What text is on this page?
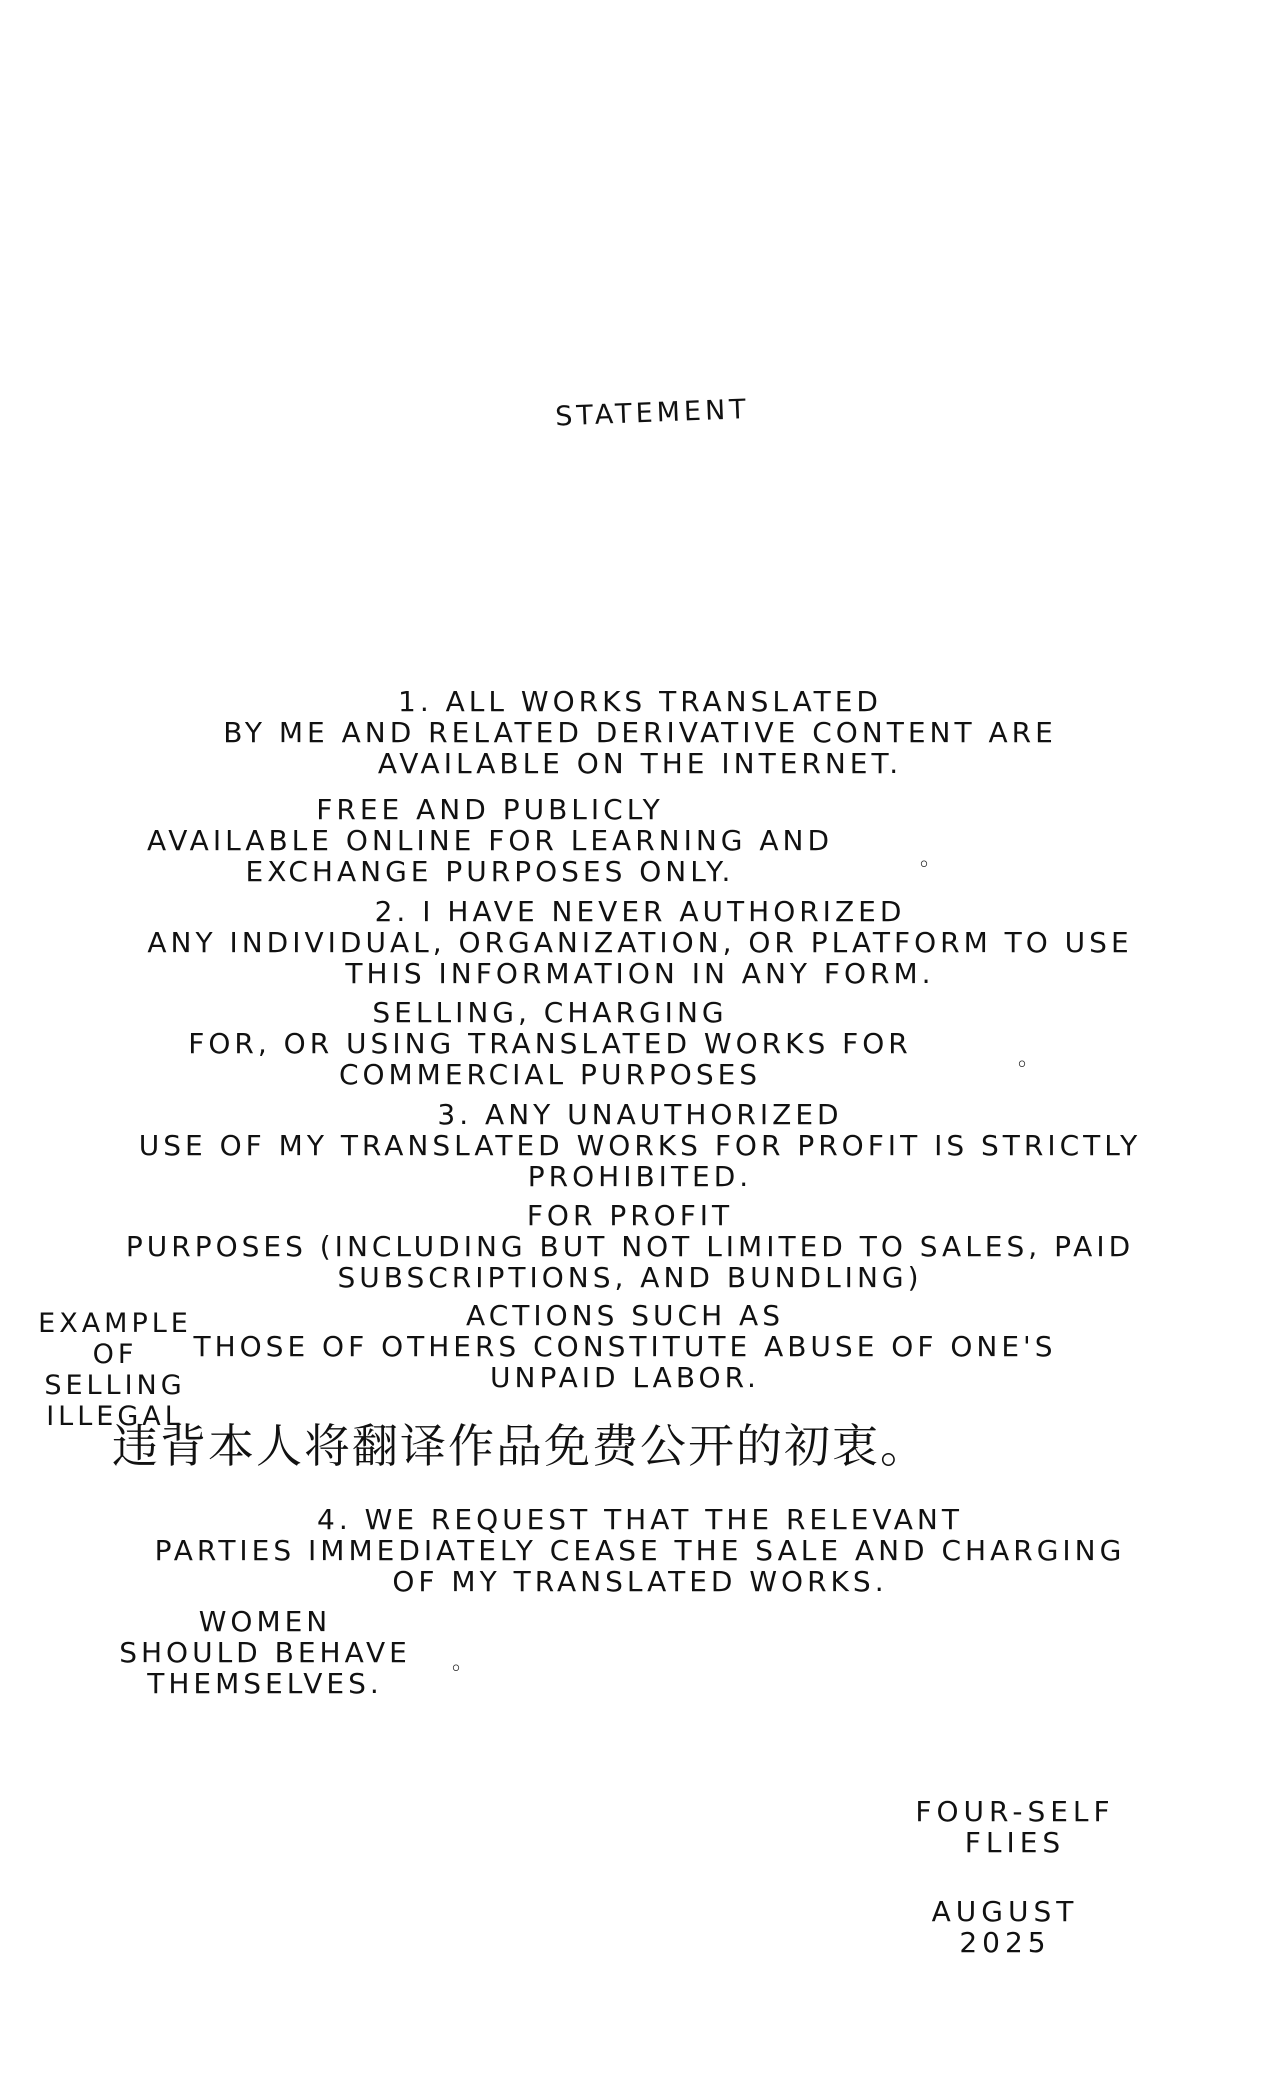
STATEMENT
1. ALL WORKS TRANSLATED
BY ME AND RELATED DERIVATIVE CONTENT ARE
AVAILABLE ON THE INTERNET.
FREE AND PUBLICLY
AVAILABLE ONLINE FOR LEARNING AND
EXCHANGE PURPOSES ONLY.	。
2. I HAVE NEVER AUTHORIZED
ANY INDIVIDUAL, ORGANIZATION, OR PLATFORM TO USE
THIS INFORMATION IN ANY FORM.
SELLING, CHARGING
FOR, OR USING TRANSLATED WORKS FOR
COMMERCIAL PURPOSES	。
3. ANY UNAUTHORIZED
USE OF MY TRANSLATED WORKS FOR PROFIT IS STRICTLY
PROHIBITED.
FOR PROFIT
PURPOSES (INCLUDING BUT NOT LIMITED TO SALES, PAID
SUBSCRIPTIONS, AND BUNDLING)
EXAMPLE
OF
SELLING
ILLEGAL
ACTIONS SUCH AS
THOSE OF OTHERS CONSTITUTE ABUSE OF ONE'S
UNPAID LABOR.
违背本人将翻译作品免费公开的初衷。
4. WE REQUEST THAT THE RELEVANT
PARTIES IMMEDIATELY CEASE THE SALE AND CHARGING
OF MY TRANSLATED WORKS.
WOMEN
SHOULD BEHAVE
THEMSELVES.
。
FOUR-SELF
FLIES
AUGUST
2025
